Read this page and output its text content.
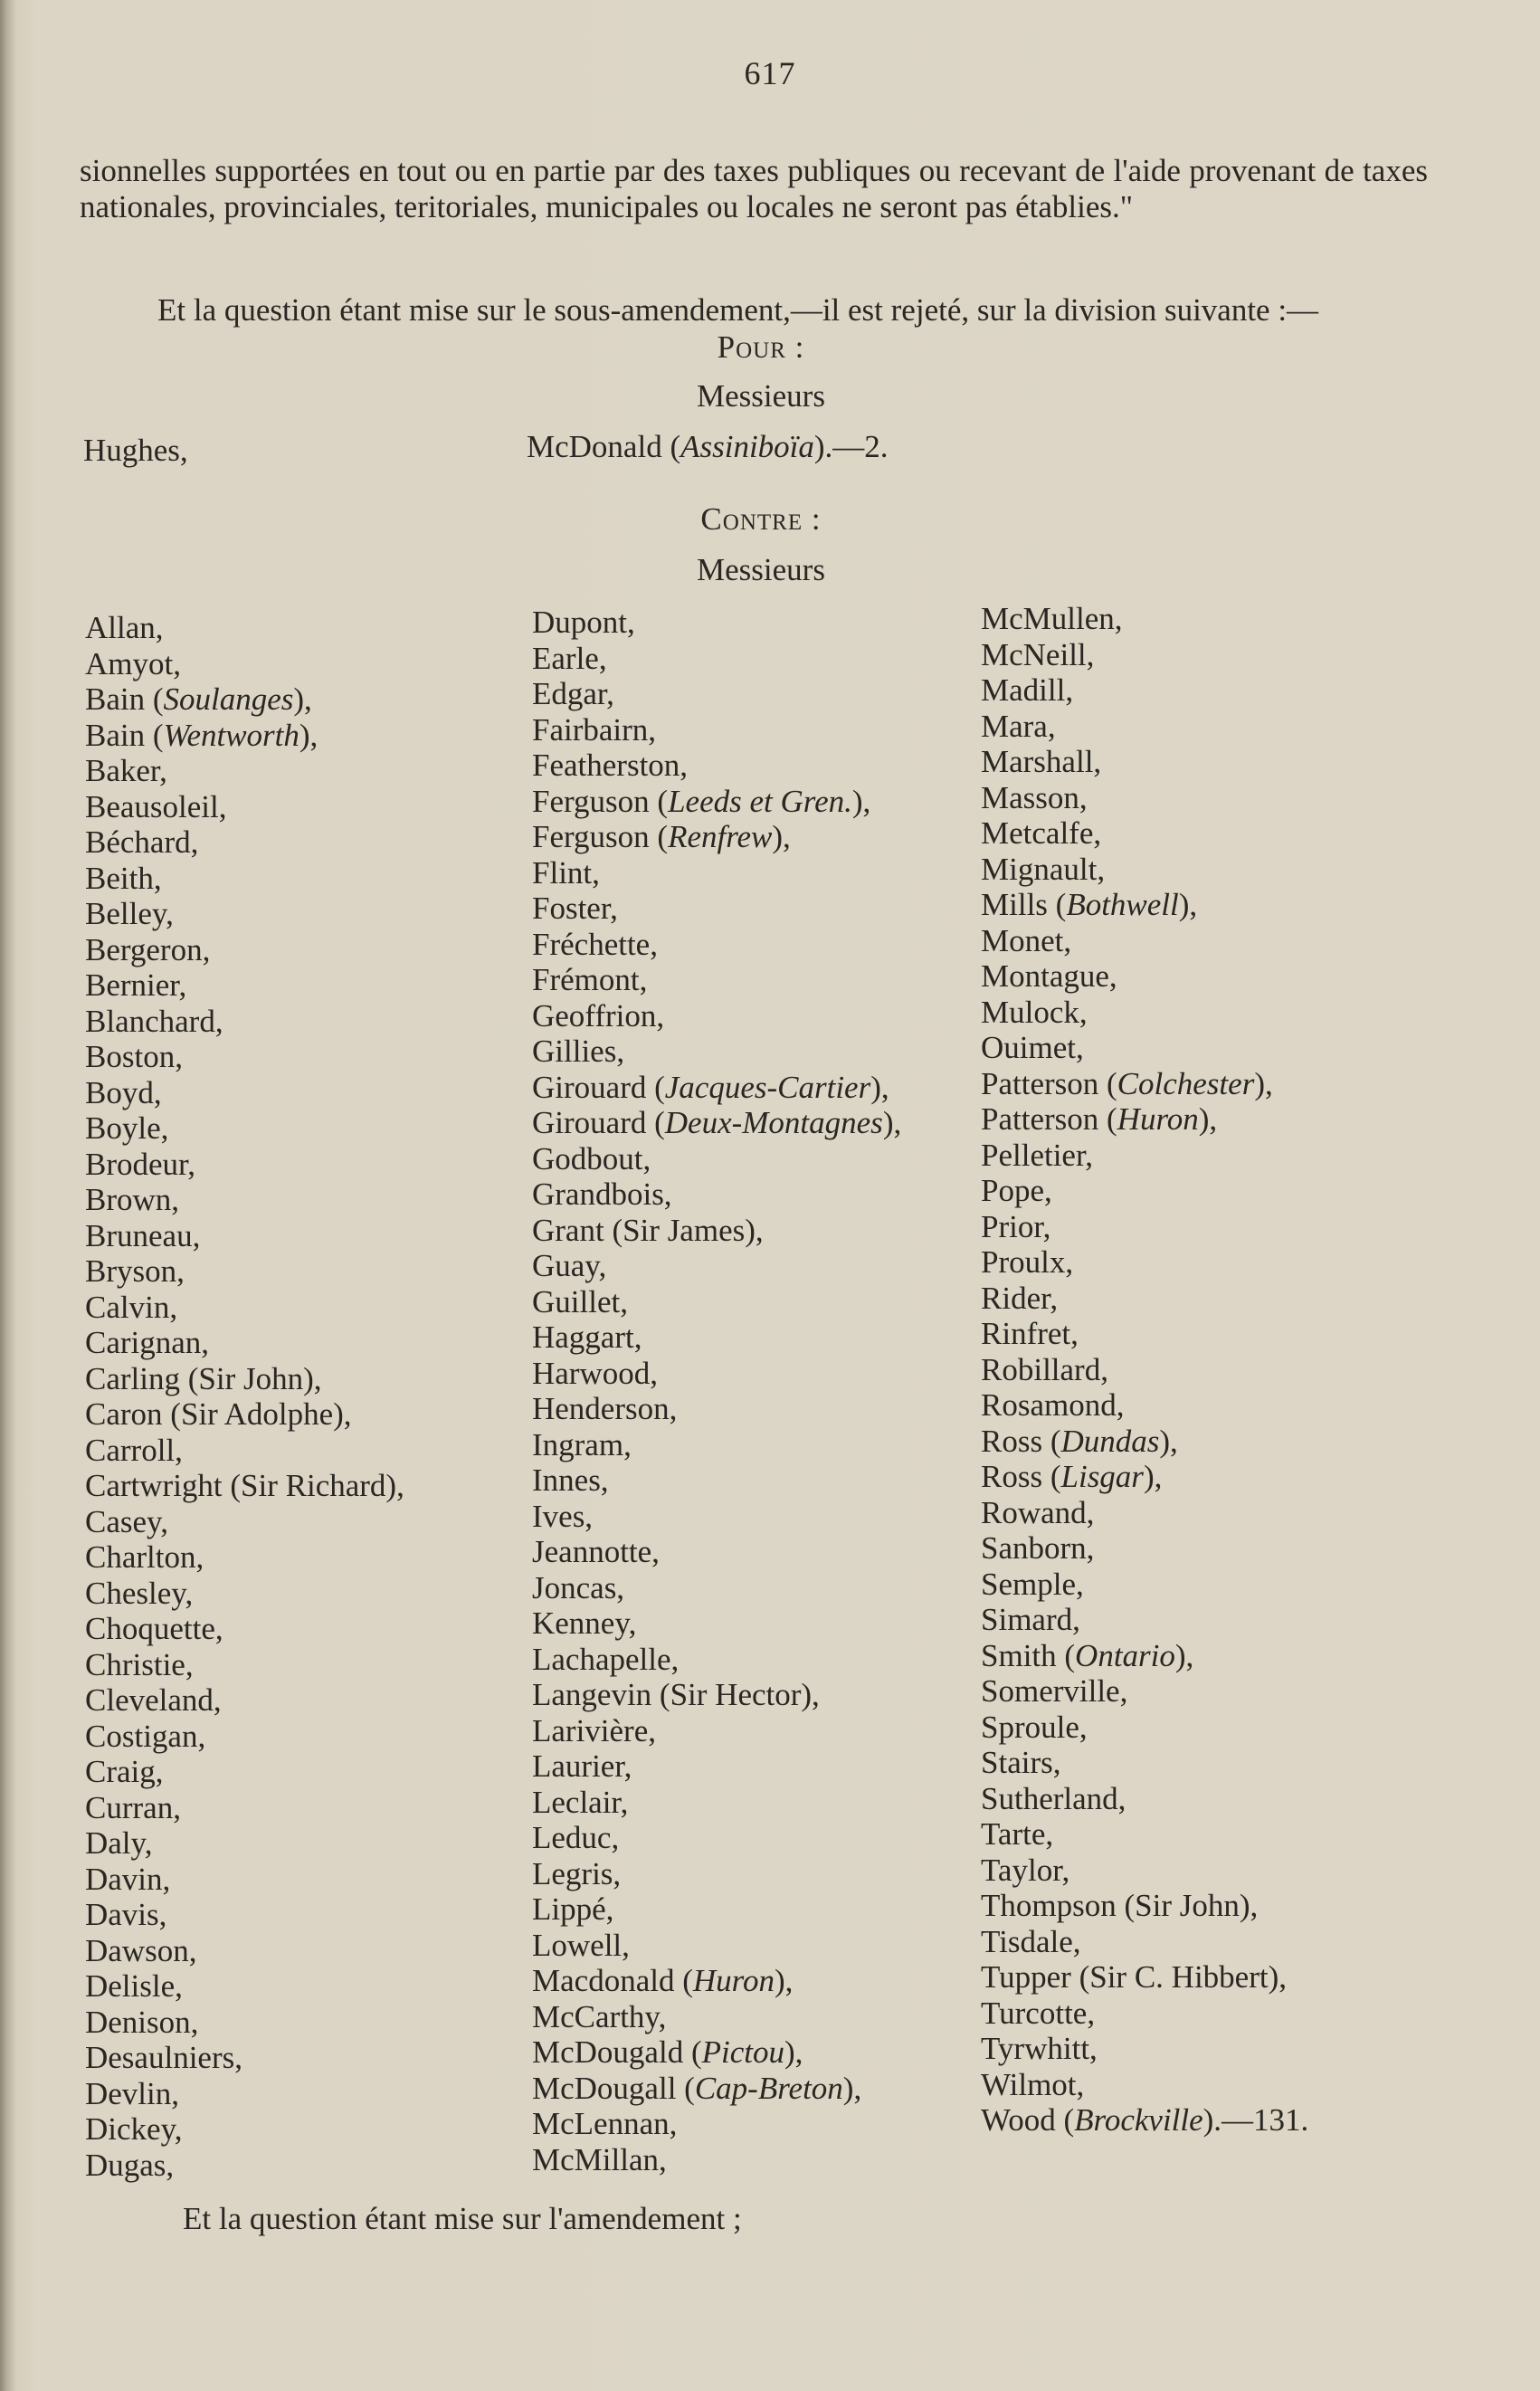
617

sionnelles supportées en tout ou en partie par des taxes publiques ou recevant de l'aide provenant de taxes nationales, provinciales, teritoriales, municipales ou locales ne seront pas établies."

Et la question étant mise sur le sous-amendement,—il est rejeté, sur la division suivante :—

Pour :
Messieurs
Hughes,	McDonald (Assiniboïa).—2.
Contre :
Messieurs
Allan,
Amyot,
Bain (Soulanges),
Bain (Wentworth),
Baker,
Beausoleil,
Béchard,
Beith,
Belley,
Bergeron,
Bernier,
Blanchard,
Boston,
Boyd,
Boyle,
Brodeur,
Brown,
Bruneau,
Bryson,
Calvin,
Carignan,
Carling (Sir John),
Caron (Sir Adolphe),
Carroll,
Cartwright (Sir Richard),
Casey,
Charlton,
Chesley,
Choquette,
Christie,
Cleveland,
Costigan,
Craig,
Curran,
Daly,
Davin,
Davis,
Dawson,
Delisle,
Denison,
Desaulniers,
Devlin,
Dickey,
Dugas,
Dupont,
Earle,
Edgar,
Fairbairn,
Featherston,
Ferguson (Leeds et Gren.),
Ferguson (Renfrew),
Flint,
Foster,
Fréchette,
Frémont,
Geoffrion,
Gillies,
Girouard (Jacques-Cartier),
Girouard (Deux-Montagnes),
Godbout,
Grandbois,
Grant (Sir James),
Guay,
Guillet,
Haggart,
Harwood,
Henderson,
Ingram,
Innes,
Ives,
Jeannotte,
Joncas,
Kenney,
Lachapelle,
Langevin (Sir Hector),
Larivière,
Laurier,
Leclair,
Leduc,
Legris,
Lippé,
Lowell,
Macdonald (Huron),
McCarthy,
McDougald (Pictou),
McDougall (Cap-Breton),
McLennan,
McMillan,
McMullen,
McNeill,
Madill,
Mara,
Marshall,
Masson,
Metcalfe,
Mignault,
Mills (Bothwell),
Monet,
Montague,
Mulock,
Ouimet,
Patterson (Colchester),
Patterson (Huron),
Pelletier,
Pope,
Prior,
Proulx,
Rider,
Rinfret,
Robillard,
Rosamond,
Ross (Dundas),
Ross (Lisgar),
Rowand,
Sanborn,
Semple,
Simard,
Smith (Ontario),
Somerville,
Sproule,
Stairs,
Sutherland,
Tarte,
Taylor,
Thompson (Sir John),
Tisdale,
Tupper (Sir C. Hibbert),
Turcotte,
Tyrwhitt,
Wilmot,
Wood (Brockville).—131.
Et la question étant mise sur l'amendement ;
